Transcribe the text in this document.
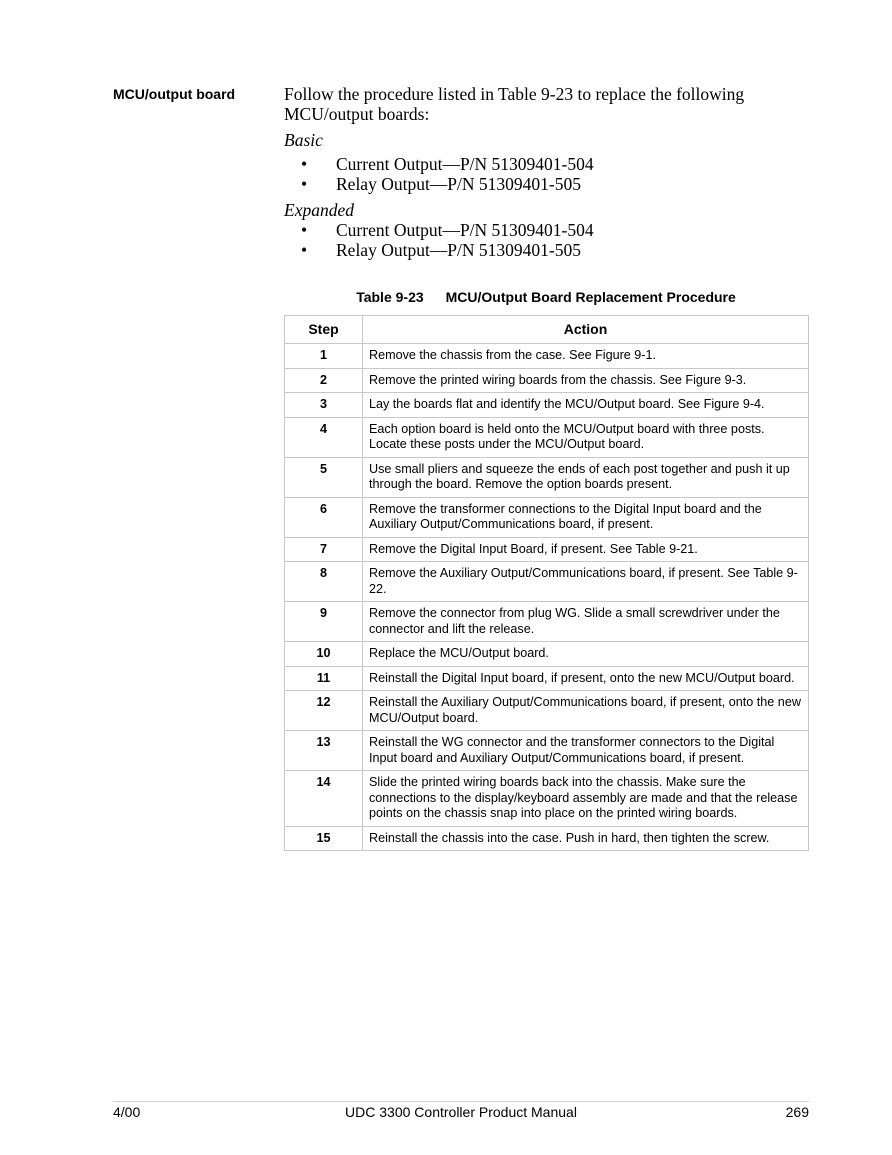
MCU/output board	Follow the procedure listed in Table 9-23 to replace the following MCU/output boards:

Basic

• Current Output—P/N 51309401-504
• Relay Output—P/N 51309401-505

Expanded

• Current Output—P/N 51309401-504
• Relay Output—P/N 51309401-505
Table 9-23 MCU/Output Board Replacement Procedure
Step	Action
1	Remove the chassis from the case. See Figure 9-1.
2	Remove the printed wiring boards from the chassis. See Figure 9-3.
3	Lay the boards flat and identify the MCU/Output board. See Figure 9-4.
4	Each option board is held onto the MCU/Output board with three posts. Locate these posts under the MCU/Output board.
5	Use small pliers and squeeze the ends of each post together and push it up through the board. Remove the option boards present.
6	Remove the transformer connections to the Digital Input board and the Auxiliary Output/Communications board, if present.
7	Remove the Digital Input Board, if present. See Table 9-21.
8	Remove the Auxiliary Output/Communications board, if present. See Table 9-22.
9	Remove the connector from plug WG. Slide a small screwdriver under the connector and lift the release.
10	Replace the MCU/Output board.
11	Reinstall the Digital Input board, if present, onto the new MCU/Output board.
12	Reinstall the Auxiliary Output/Communications board, if present, onto the new MCU/Output board.
13	Reinstall the WG connector and the transformer connectors to the Digital Input board and Auxiliary Output/Communications board, if present.
14	Slide the printed wiring boards back into the chassis. Make sure the connections to the display/keyboard assembly are made and that the release points on the chassis snap into place on the printed wiring boards.
15	Reinstall the chassis into the case. Push in hard, then tighten the screw.
4/00	UDC 3300 Controller Product Manual	269
